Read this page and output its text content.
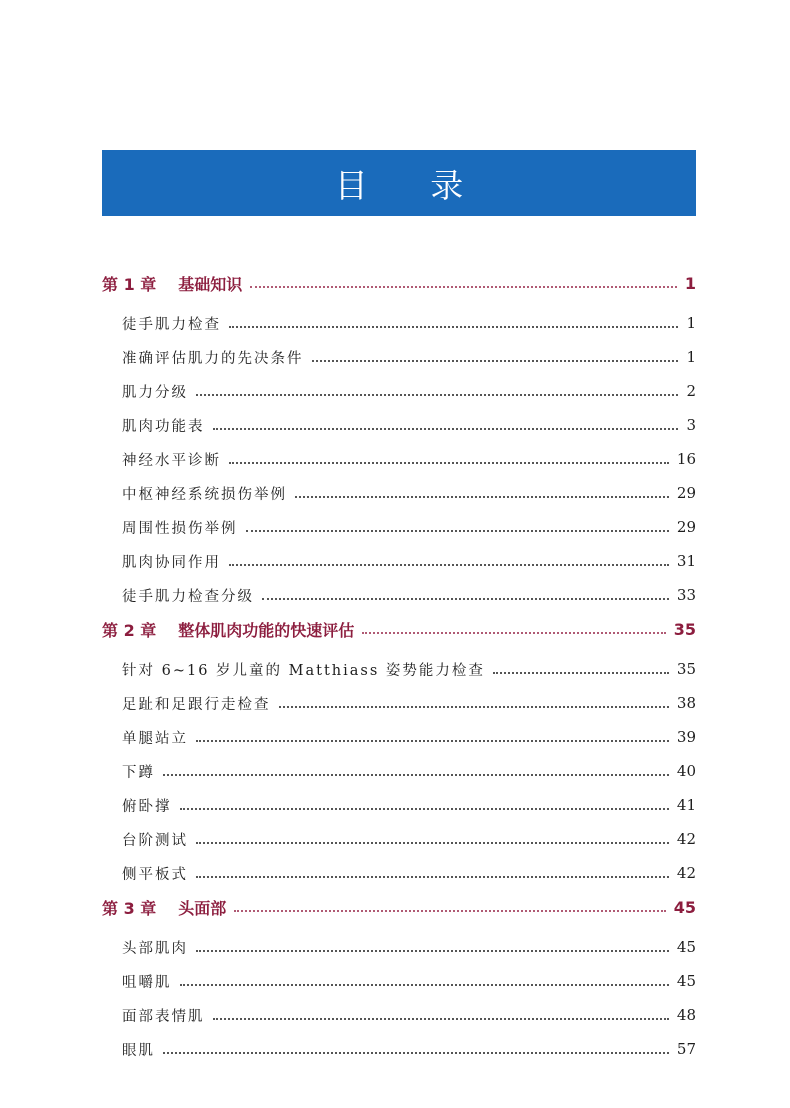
目 录
第 1 章 基础知识	1
徒手肌力检查	1
准确评估肌力的先决条件	1
肌力分级	2
肌肉功能表	3
神经水平诊断	16
中枢神经系统损伤举例	29
周围性损伤举例	29
肌肉协同作用	31
徒手肌力检查分级	33
第 2 章 整体肌肉功能的快速评估	35
针对 6~16 岁儿童的 Matthiass 姿势能力检查	35
足趾和足跟行走检查	38
单腿站立	39
下蹲	40
俯卧撑	41
台阶测试	42
侧平板式	42
第 3 章 头面部	45
头部肌肉	45
咀嚼肌	45
面部表情肌	48
眼肌	57
